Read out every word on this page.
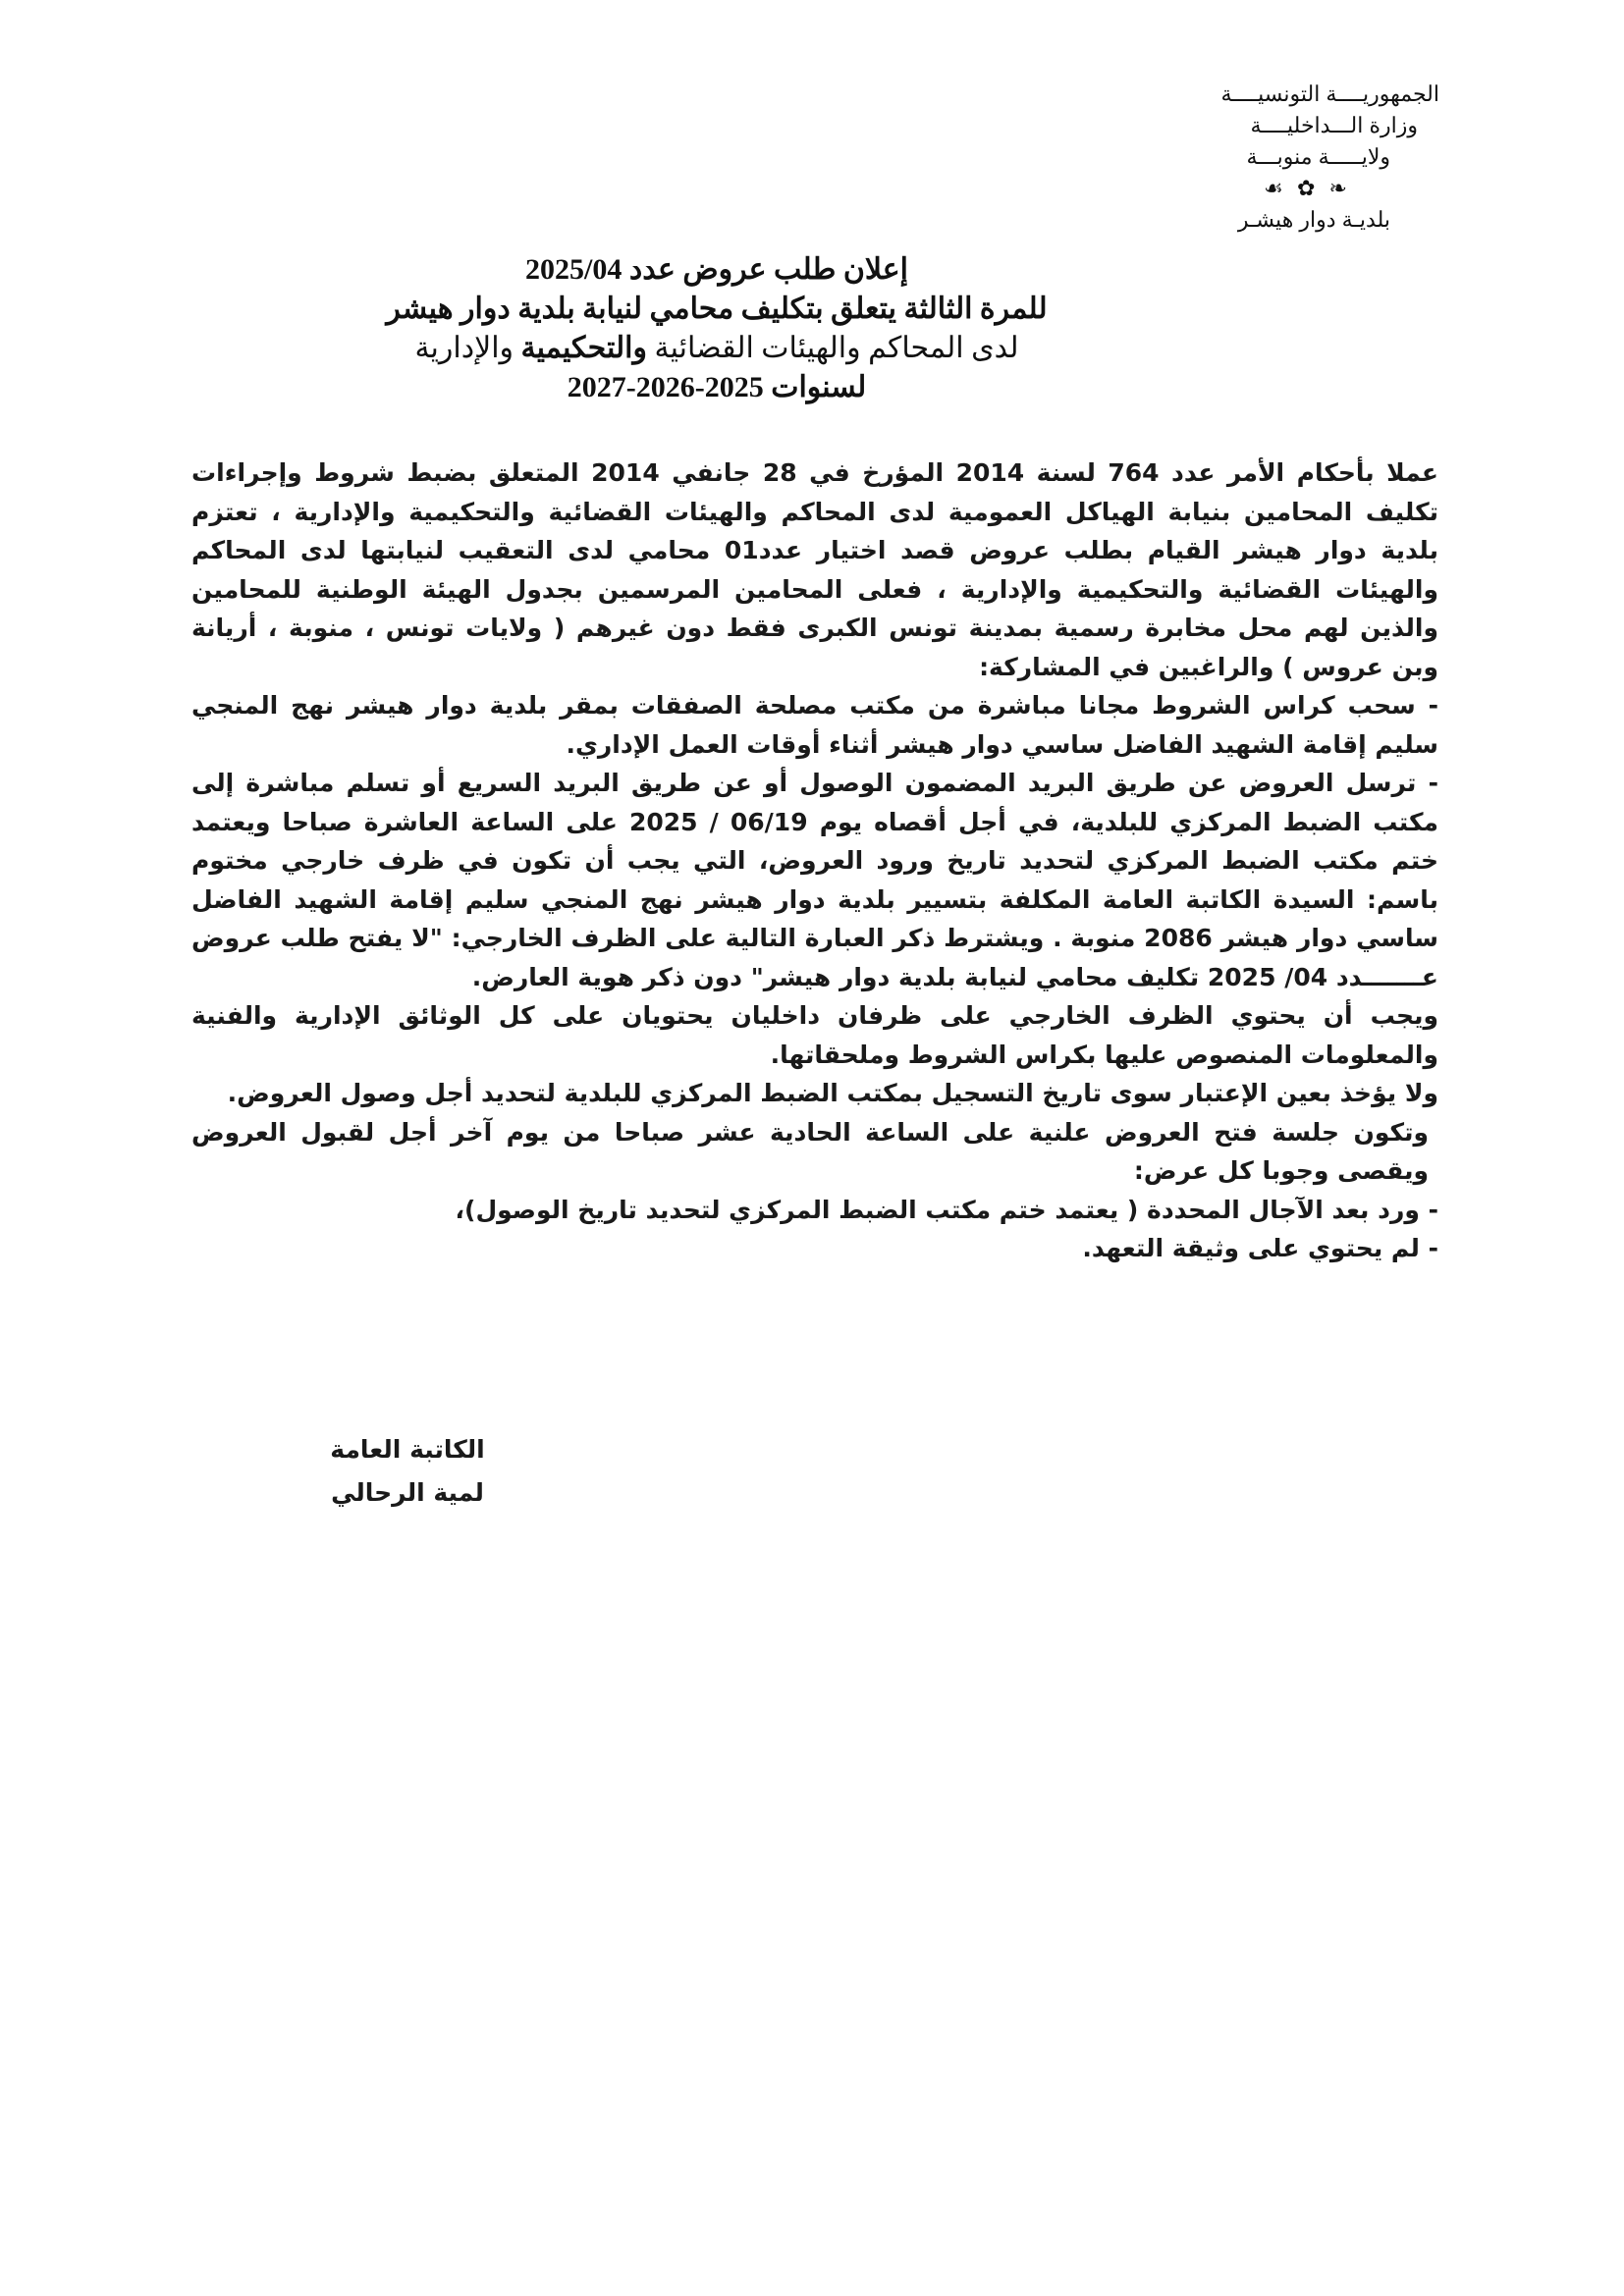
الجمهوريــــة التونسيــــة
وزارة الـــداخليــــة
ولايـــــة منوبـــة
❧ ✿ ☙
بلديـة دوار هيشـر
إعلان طلب عروض عدد 2025/04
للمرة الثالثة يتعلق بتكليف محامي لنيابة بلدية دوار هيشر
لدى المحاكم والهيئات القضائية والتحكيمية والإدارية
لسنوات 2025-2026-2027

عملا بأحكام الأمر عدد 764 لسنة 2014 المؤرخ في 28 جانفي 2014 المتعلق بضبط شروط وإجراءات تكليف المحامين بنيابة الهياكل العمومية لدى المحاكم والهيئات القضائية والتحكيمية والإدارية ، تعتزم بلدية دوار هيشر القيام بطلب عروض قصد اختيار عدد01 محامي لدى التعقيب لنيابتها لدى المحاكم والهيئات القضائية والتحكيمية والإدارية ، فعلى المحامين المرسمين بجدول الهيئة الوطنية للمحامين والذين لهم محل مخابرة رسمية بمدينة تونس الكبرى فقط دون غيرهم ( ولايات تونس ، منوبة ، أريانة وبن عروس ) والراغبين في المشاركة:

- سحب كراس الشروط مجانا مباشرة من مكتب مصلحة الصفقات بمقر بلدية دوار هيشر نهج المنجي سليم إقامة الشهيد الفاضل ساسي دوار هيشر أثناء أوقات العمل الإداري.

- ترسل العروض عن طريق البريد المضمون الوصول أو عن طريق البريد السريع أو تسلم مباشرة إلى مكتب الضبط المركزي للبلدية، في أجل أقصاه يوم 06/19 / 2025 على الساعة العاشرة صباحا ويعتمد ختم مكتب الضبط المركزي لتحديد تاريخ ورود العروض، التي يجب أن تكون في ظرف خارجي مختوم باسم: السيدة الكاتبة العامة المكلفة بتسيير بلدية دوار هيشر نهج المنجي سليم إقامة الشهيد الفاضل ساسي دوار هيشر 2086 منوبة . ويشترط ذكر العبارة التالية على الظرف الخارجي: "لا يفتح طلب عروض عـــــــدد 04/ 2025 تكليف محامي لنيابة بلدية دوار هيشر" دون ذكر هوية العارض.

ويجب أن يحتوي الظرف الخارجي على ظرفان داخليان يحتويان على كل الوثائق الإدارية والفنية والمعلومات المنصوص عليها بكراس الشروط وملحقاتها.

ولا يؤخذ بعين الإعتبار سوى تاريخ التسجيل بمكتب الضبط المركزي للبلدية لتحديد أجل وصول العروض.

وتكون جلسة فتح العروض علنية على الساعة الحادية عشر صباحا من يوم آخر أجل لقبول العروض ويقصى وجوبا كل عرض:

- ورد بعد الآجال المحددة ( يعتمد ختم مكتب الضبط المركزي لتحديد تاريخ الوصول)،

- لم يحتوي على وثيقة التعهد.

الكاتبة العامة
لمية الرحالي
